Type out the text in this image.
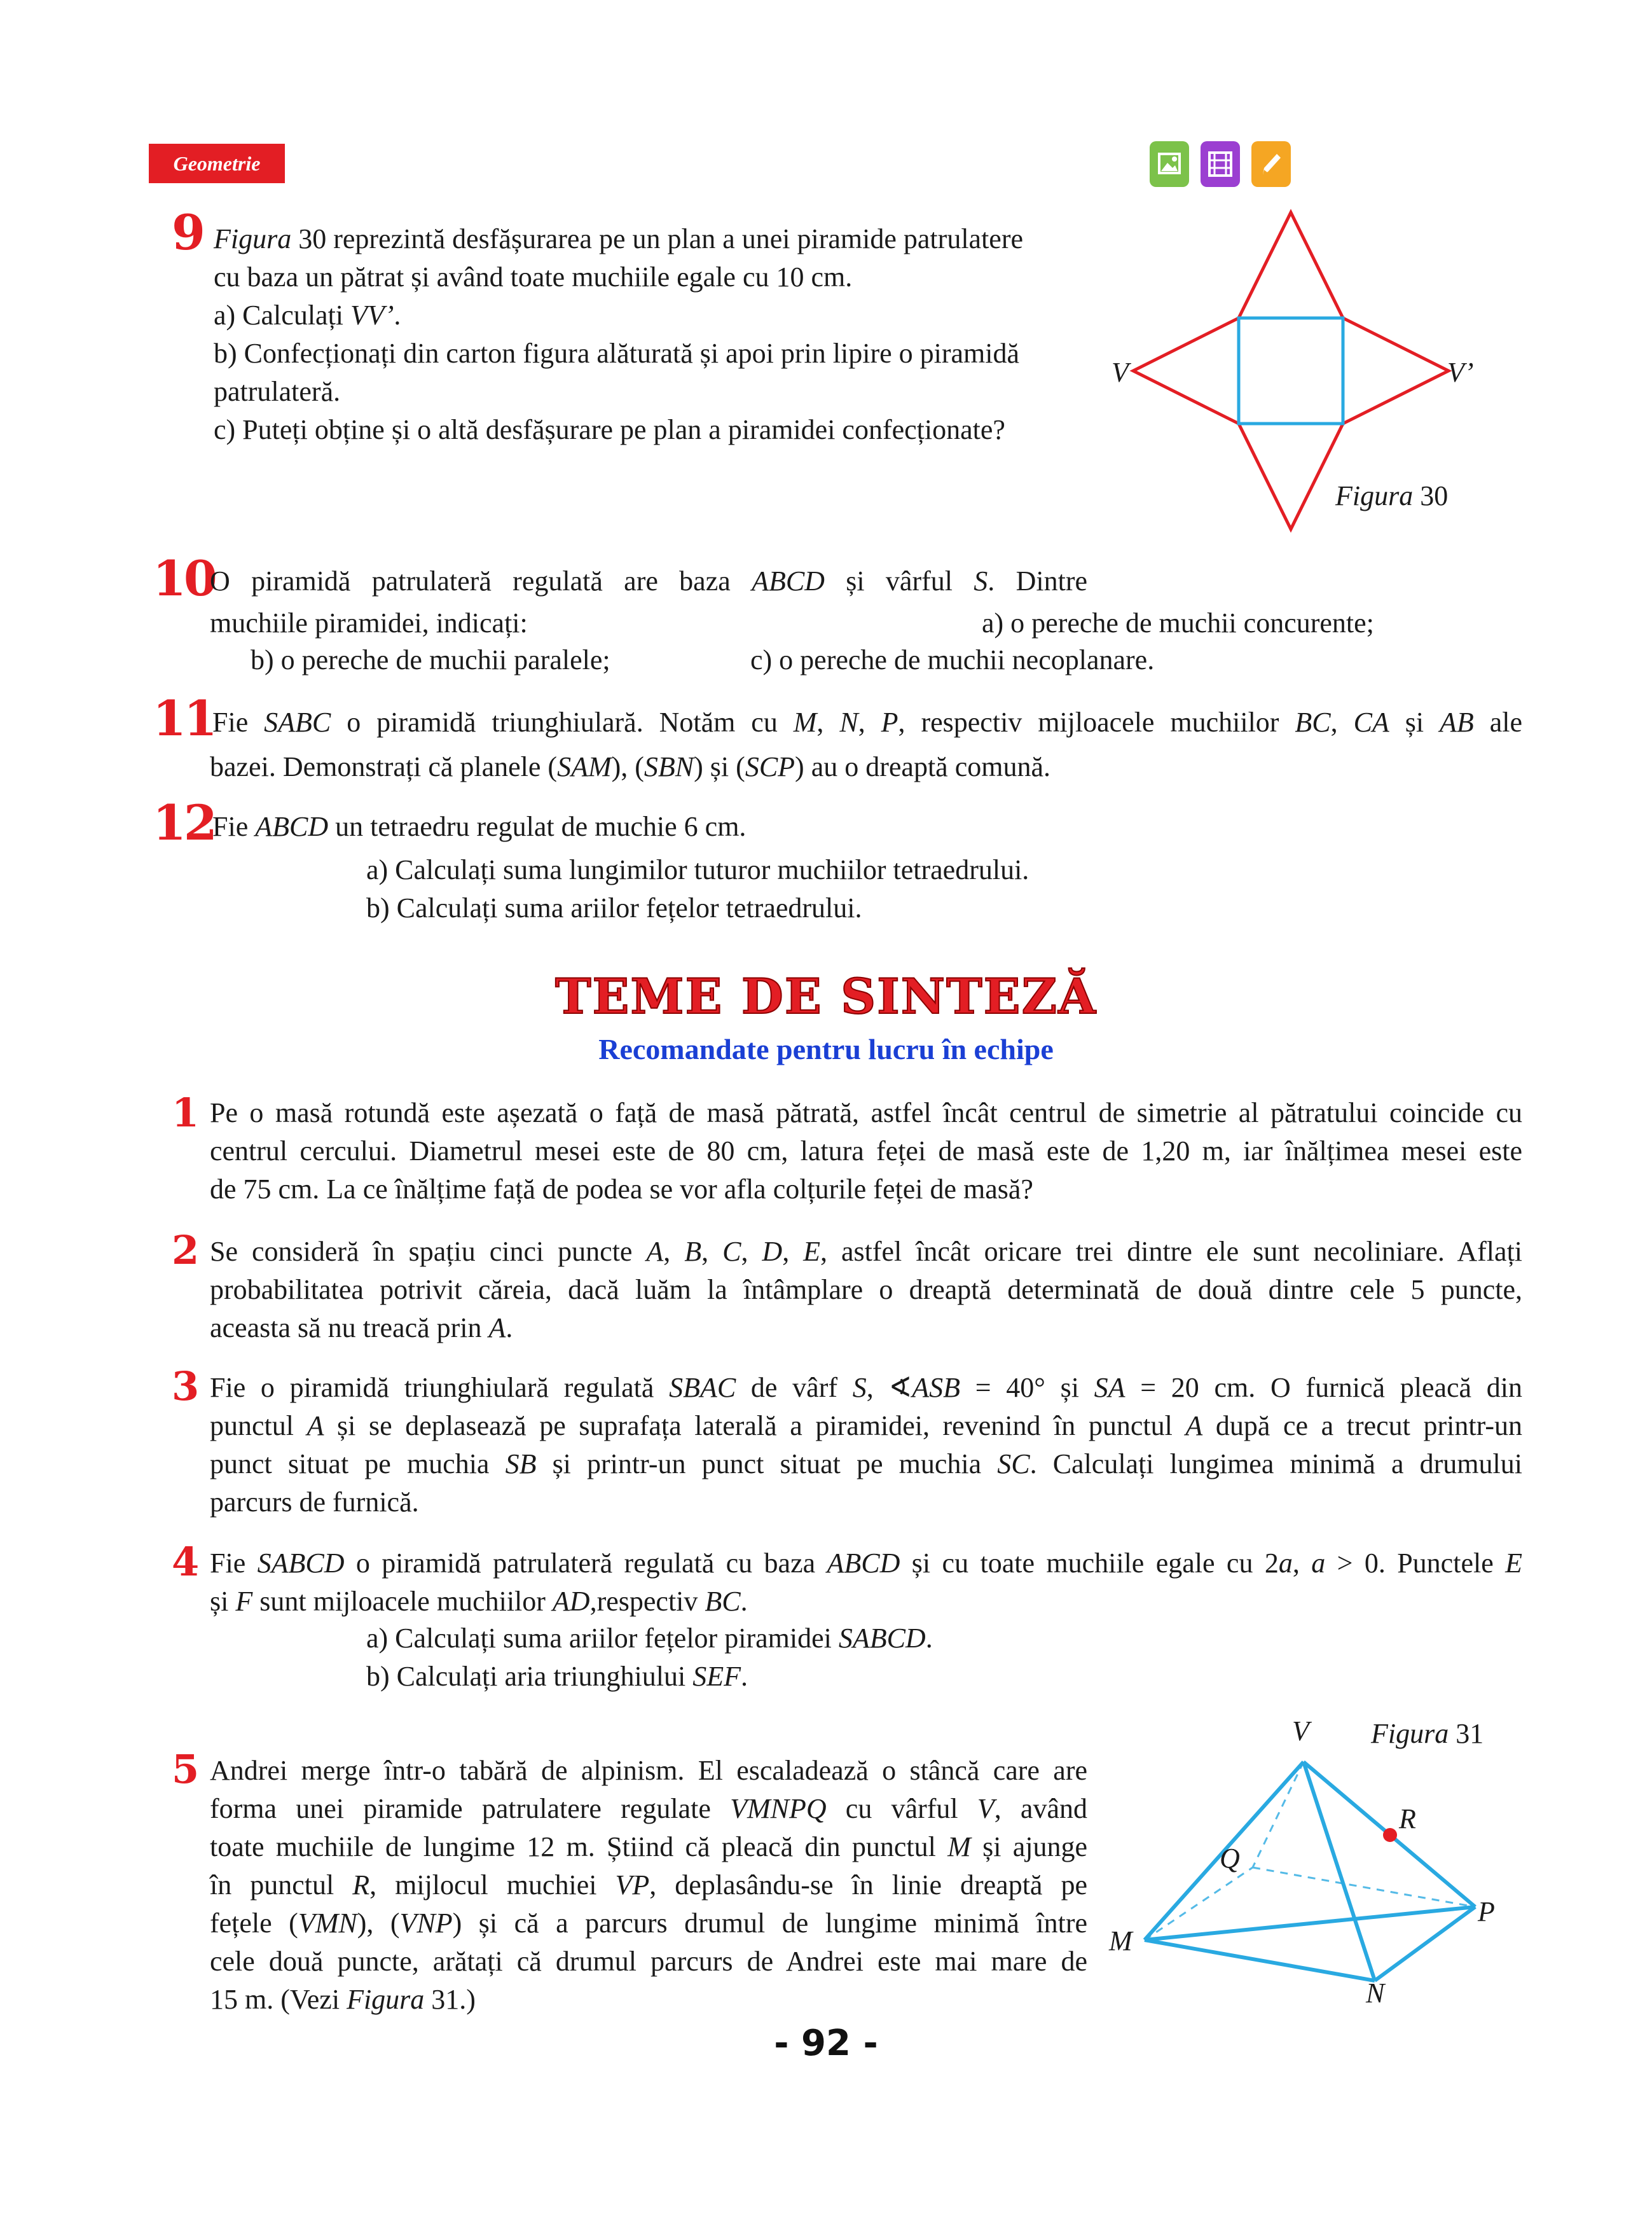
Geometrie
9 Figura 30 reprezintă desfășurarea pe un plan a unei piramide patrulatere
cu baza un pătrat și având toate muchiile egale cu 10 cm.
a) Calculați VV’.
b) Confecționați din carton figura alăturată și apoi prin lipire o piramidă
patrulateră.
c) Puteți obține și o altă desfășurare pe plan a piramidei confecționate?
V	V’
Figura 30
10
O piramidă patrulateră regulată are baza ABCD și vârful S. Dintre
muchiile piramidei, indicați:	a) o pereche de muchii concurente;
b) o pereche de muchii paralele;	c) o pereche de muchii necoplanare.
11
Fie SABC o piramidă triunghiulară. Notăm cu M, N, P, respectiv mijloacele muchiilor BC, CA și AB ale
bazei. Demonstrați că planele (SAM), (SBN) și (SCP) au o dreaptă comună.
12
Fie ABCD un tetraedru regulat de muchie 6 cm.
a) Calculați suma lungimilor tuturor muchiilor tetraedrului.
b) Calculați suma ariilor fețelor tetraedrului.
TEME DE SINTEZĂ
Recomandate pentru lucru în echipe
1 Pe o masă rotundă este așezată o față de masă pătrată, astfel încât centrul de simetrie al pătratului coincide cu
centrul cercului. Diametrul mesei este de 80 cm, latura feței de masă este de 1,20 m, iar înălțimea mesei este
de 75 cm. La ce înălțime față de podea se vor afla colțurile feței de masă?
2 Se consideră în spațiu cinci puncte A, B, C, D, E, astfel încât oricare trei dintre ele sunt necoliniare. Aflați
probabilitatea potrivit căreia, dacă luăm la întâmplare o dreaptă determinată de două dintre cele 5 puncte,
aceasta să nu treacă prin A.
3 Fie o piramidă triunghiulară regulată SBAC de vârf S, ∢ASB = 40° și SA = 20 cm. O furnică pleacă din
punctul A și se deplasează pe suprafața laterală a piramidei, revenind în punctul A după ce a trecut printr-un
punct situat pe muchia SB și printr-un punct situat pe muchia SC. Calculați lungimea minimă a drumului
parcurs de furnică.
4 Fie SABCD o piramidă patrulateră regulată cu baza ABCD și cu toate muchiile egale cu 2a, a > 0. Punctele E
și F sunt mijloacele muchiilor AD,respectiv BC.
a) Calculați suma ariilor fețelor piramidei SABCD.
b) Calculați aria triunghiului SEF.
5 Andrei merge într-o tabără de alpinism. El escaladează o stâncă care are
forma unei piramide patrulatere regulate VMNPQ cu vârful V, având
toate muchiile de lungime 12 m. Știind că pleacă din punctul M și ajunge
în punctul R, mijlocul muchiei VP, deplasându-se în linie dreaptă pe
fețele (VMN), (VNP) și că a parcurs drumul de lungime minimă între
cele două puncte, arătați că drumul parcurs de Andrei este mai mare de
15 m. (Vezi Figura 31.)
Figura 31
V
R
Q
P
M
N
- 92 -
